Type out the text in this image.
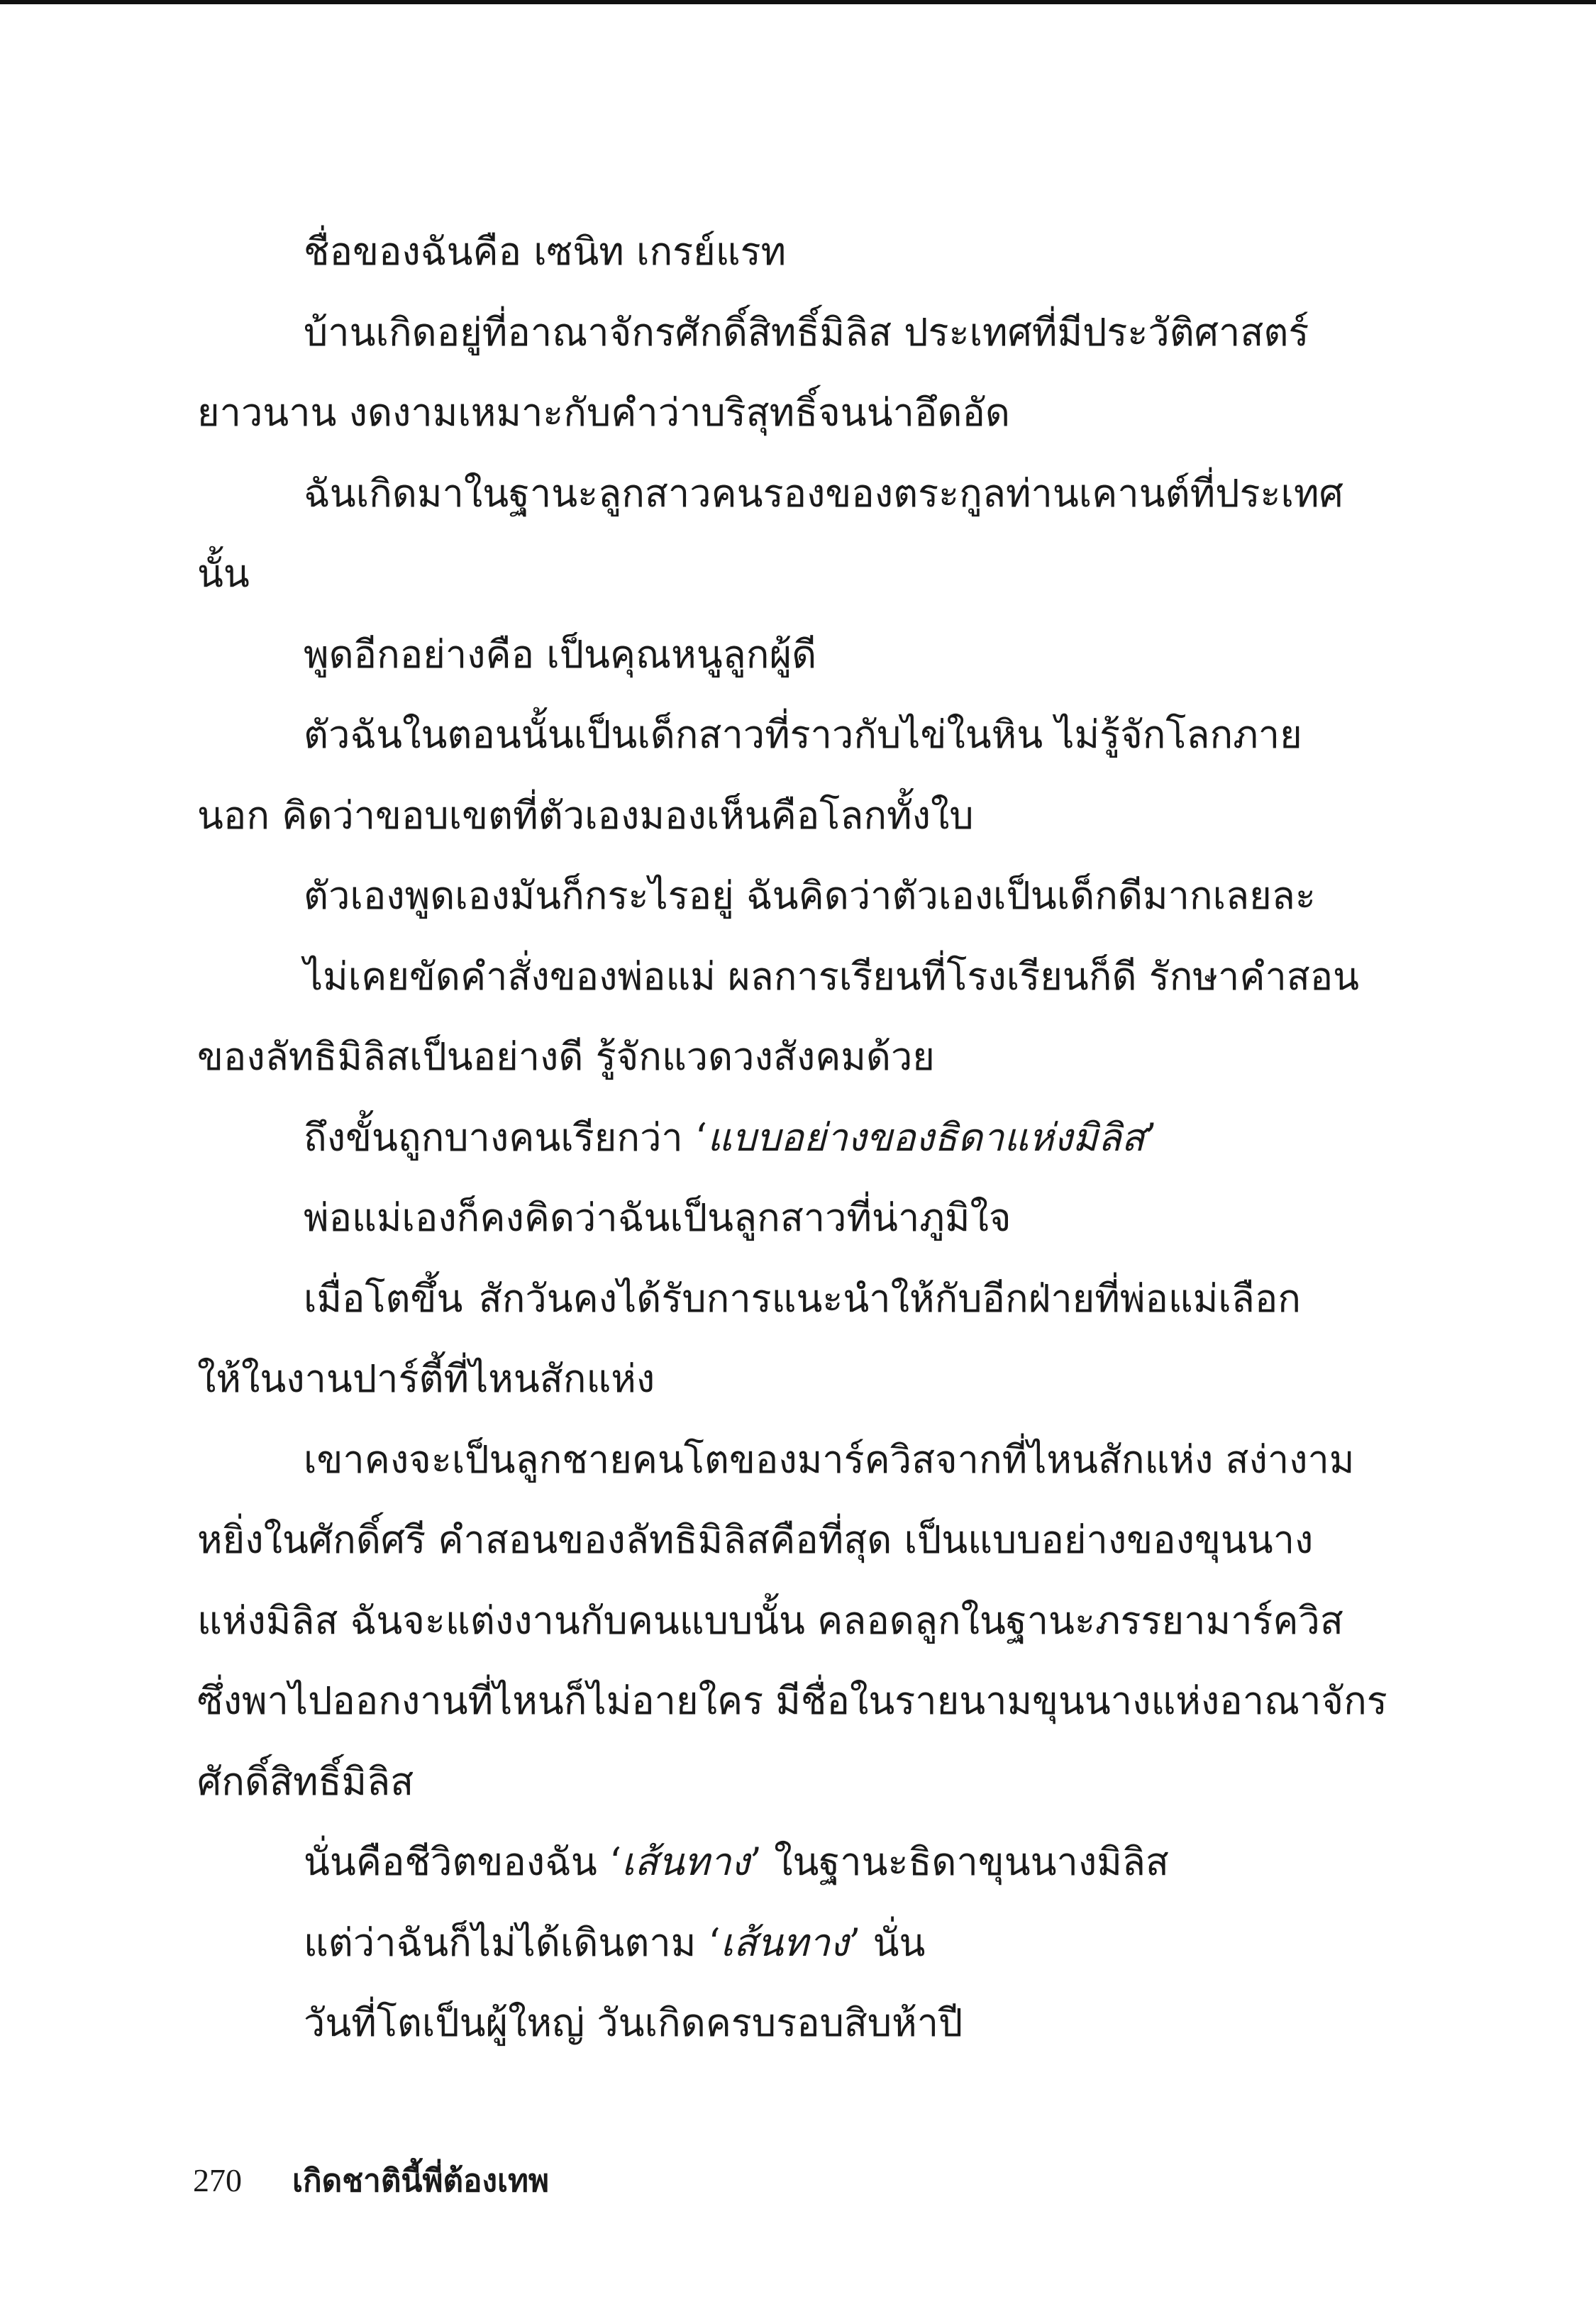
ชื่อของฉันคือ เซนิท เกรย์แรท
บ้านเกิดอยู่ที่อาณาจักรศักดิ์สิทธิ์มิลิส ประเทศที่มีประวัติศาสตร์
ยาวนาน งดงามเหมาะกับคำว่าบริสุทธิ์จนน่าอึดอัด
ฉันเกิดมาในฐานะลูกสาวคนรองของตระกูลท่านเคานต์ที่ประเทศ
นั้น
พูดอีกอย่างคือ เป็นคุณหนูลูกผู้ดี
ตัวฉันในตอนนั้นเป็นเด็กสาวที่ราวกับไข่ในหิน ไม่รู้จักโลกภาย
นอก คิดว่าขอบเขตที่ตัวเองมองเห็นคือโลกทั้งใบ
ตัวเองพูดเองมันก็กระไรอยู่ ฉันคิดว่าตัวเองเป็นเด็กดีมากเลยละ
ไม่เคยขัดคำสั่งของพ่อแม่ ผลการเรียนที่โรงเรียนก็ดี รักษาคำสอน
ของลัทธิมิลิสเป็นอย่างดี รู้จักแวดวงสังคมด้วย
ถึงขั้นถูกบางคนเรียกว่า ‘แบบอย่างของธิดาแห่งมิลิส’
พ่อแม่เองก็คงคิดว่าฉันเป็นลูกสาวที่น่าภูมิใจ
เมื่อโตขึ้น สักวันคงได้รับการแนะนำให้กับอีกฝ่ายที่พ่อแม่เลือก
ให้ในงานปาร์ตี้ที่ไหนสักแห่ง
เขาคงจะเป็นลูกชายคนโตของมาร์ควิสจากที่ไหนสักแห่ง สง่างาม
หยิ่งในศักดิ์ศรี คำสอนของลัทธิมิลิสคือที่สุด เป็นแบบอย่างของขุนนาง
แห่งมิลิส ฉันจะแต่งงานกับคนแบบนั้น คลอดลูกในฐานะภรรยามาร์ควิส
ซึ่งพาไปออกงานที่ไหนก็ไม่อายใคร มีชื่อในรายนามขุนนางแห่งอาณาจักร
ศักดิ์สิทธิ์มิลิส
นั่นคือชีวิตของฉัน ‘เส้นทาง’ ในฐานะธิดาขุนนางมิลิส
แต่ว่าฉันก็ไม่ได้เดินตาม ‘เส้นทาง’ นั่น
วันที่โตเป็นผู้ใหญ่ วันเกิดครบรอบสิบห้าปี
270 เกิดชาตินี้พี่ต้องเทพ
